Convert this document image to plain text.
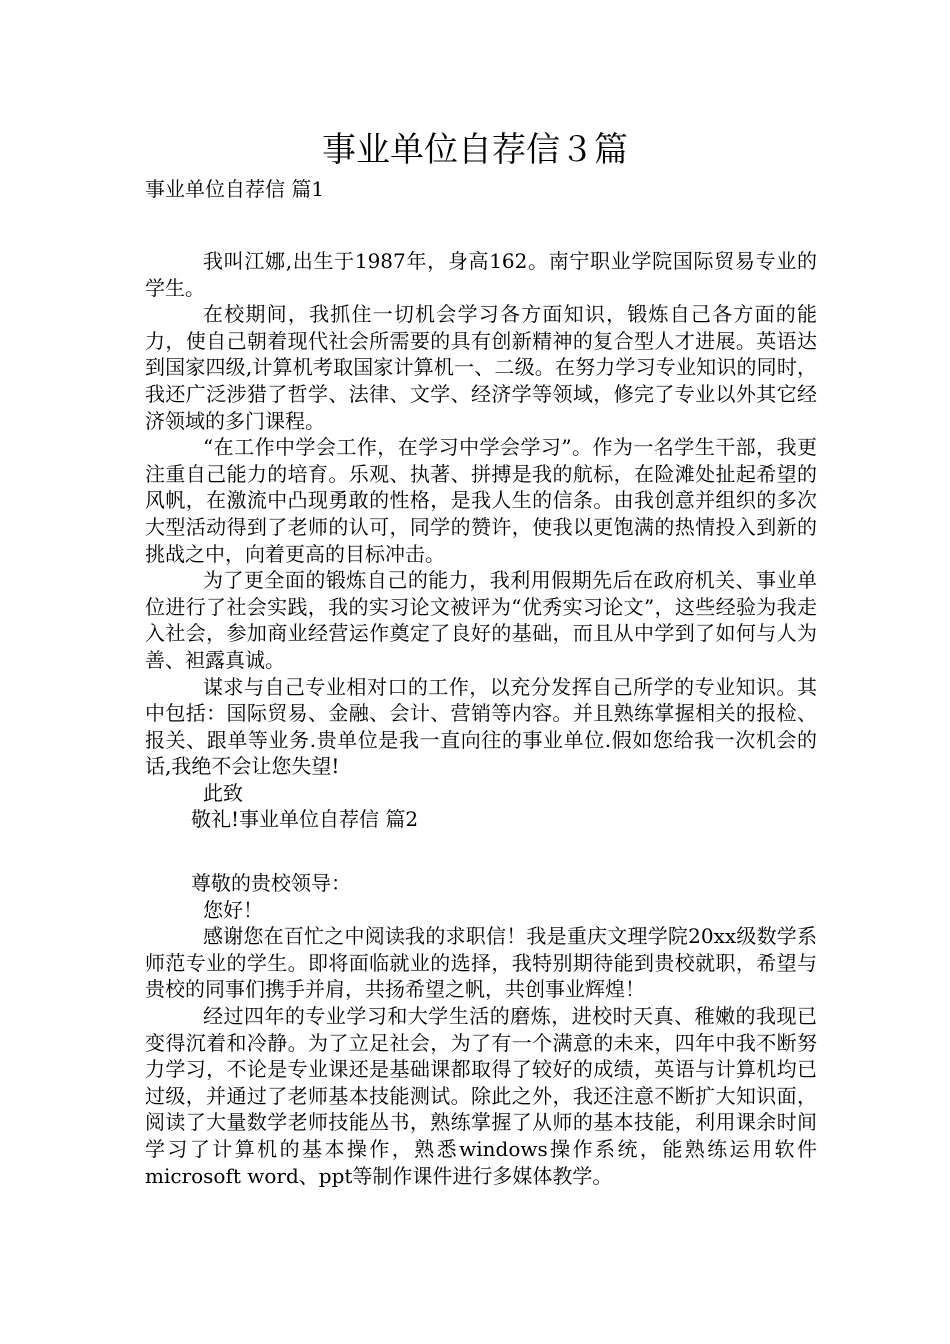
事业单位自荐信３篇
事业单位自荐信 篇1

我叫江娜,出生于1987年，身高162。南宁职业学院国际贸易专业的学生。

在校期间，我抓住一切机会学习各方面知识，锻炼自己各方面的能力，使自己朝着现代社会所需要的具有创新精神的复合型人才进展。英语达到国家四级,计算机考取国家计算机一、二级。在努力学习专业知识的同时，我还广泛涉猎了哲学、法律、文学、经济学等领域，修完了专业以外其它经济领域的多门课程。

“在工作中学会工作，在学习中学会学习”。作为一名学生干部，我更注重自己能力的培育。乐观、执著、拼搏是我的航标，在险滩处扯起希望的风帆，在激流中凸现勇敢的性格，是我人生的信条。由我创意并组织的多次大型活动得到了老师的认可，同学的赞许，使我以更饱满的热情投入到新的挑战之中，向着更高的目标冲击。

为了更全面的锻炼自己的能力，我利用假期先后在政府机关、事业单位进行了社会实践，我的实习论文被评为“优秀实习论文”，这些经验为我走入社会，参加商业经营运作奠定了良好的基础，而且从中学到了如何与人为善、袒露真诚。

谋求与自己专业相对口的工作，以充分发挥自己所学的专业知识。其中包括：国际贸易、金融、会计、营销等内容。并且熟练掌握相关的报检、报关、跟单等业务.贵单位是我一直向往的事业单位.假如您给我一次机会的话,我绝不会让您失望!

此致

敬礼!事业单位自荐信 篇2

尊敬的贵校领导：

您好！

感谢您在百忙之中阅读我的求职信！我是重庆文理学院20xx级数学系师范专业的学生。即将面临就业的选择，我特别期待能到贵校就职，希望与贵校的同事们携手并肩，共扬希望之帆，共创事业辉煌！

经过四年的专业学习和大学生活的磨炼，进校时天真、稚嫩的我现已变得沉着和冷静。为了立足社会，为了有一个满意的未来，四年中我不断努力学习，不论是专业课还是基础课都取得了较好的成绩，英语与计算机均已过级，并通过了老师基本技能测试。除此之外，我还注意不断扩大知识面，阅读了大量数学老师技能丛书，熟练掌握了从师的基本技能，利用课余时间学习了计算机的基本操作，熟悉windows操作系统，能熟练运用软件microsoft word、ppt等制作课件进行多媒体教学。
